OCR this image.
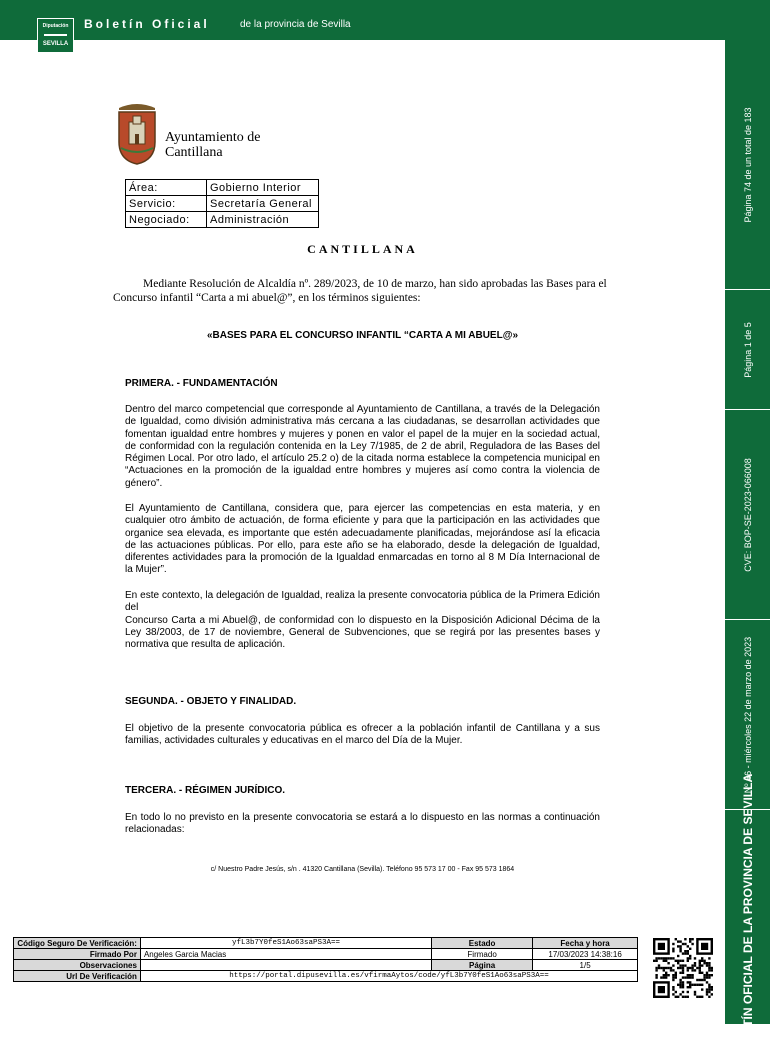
Diputación
SEVILLA
Boletín Oficial	de la provincia de Sevilla
Página 74 de un total de 183
Página 1 de 5
CVE: BOP-SE-2023-066008
Nº 66 - miércoles 22 de marzo de 2023
BOLETÍN OFICIAL DE LA PROVINCIA DE SEVILLA
Ayuntamiento de
Cantillana
Área:	Gobierno Interior
Servicio:	Secretaría General
Negociado:	Administración
CANTILLANA
Mediante Resolución de Alcaldía nº. 289/2023, de 10 de marzo, han sido aprobadas las Bases para el Concurso infantil “Carta a mi abuel@”, en los términos siguientes:
«BASES PARA EL CONCURSO INFANTIL “CARTA A MI ABUEL@»
PRIMERA. - FUNDAMENTACIÓN
Dentro del marco competencial que corresponde al Ayuntamiento de Cantillana, a través de la Delegación de Igualdad, como división administrativa más cercana a las ciudadanas, se desarrollan actividades que fomentan igualdad entre hombres y mujeres y ponen en valor el papel de la mujer en la sociedad actual, de conformidad con la regulación contenida en la Ley 7/1985, de 2 de abril, Reguladora de las Bases del Régimen Local. Por otro lado, el artículo 25.2 o) de la citada norma establece la competencia municipal en “Actuaciones en la promoción de la igualdad entre hombres y mujeres así como contra la violencia de género”.
El Ayuntamiento de Cantillana, considera que, para ejercer las competencias en esta materia, y en cualquier otro ámbito de actuación, de forma eficiente y para que la participación en las actividades que organice sea elevada, es importante que estén adecuadamente planificadas, mejorándose así la eficacia de las actuaciones públicas. Por ello, para este año se ha elaborado, desde la delegación de Igualdad, diferentes actividades para la promoción de la Igualdad enmarcadas en torno al 8 M Día Internacional de la Mujer”.
En este contexto, la delegación de Igualdad, realiza la presente convocatoria pública de la Primera Edición del
Concurso Carta a mi Abuel@, de conformidad con lo dispuesto en la Disposición Adicional Décima de la Ley 38/2003, de 17 de noviembre, General de Subvenciones, que se regirá por las presentes bases y normativa que resulta de aplicación.
SEGUNDA. - OBJETO Y FINALIDAD.
El objetivo de la presente convocatoria pública es ofrecer a la población infantil de Cantillana y a sus familias, actividades culturales y educativas en el marco del Día de la Mujer.
TERCERA. - RÉGIMEN JURÍDICO.
En todo lo no previsto en la presente convocatoria se estará a lo dispuesto en las normas a continuación relacionadas:
c/ Nuestro Padre Jesús, s/n . 41320 Cantillana (Sevilla). Teléfono 95 573 17 00 - Fax 95 573 1864
Código Seguro De Verificación:	yfL3b7Y0feS1Ao63saPS3A==	Estado	Fecha y hora
Firmado Por	Angeles Garcia Macias	Firmado	17/03/2023 14:38:16
Observaciones		Página	1/5
Url De Verificación	https://portal.dipusevilla.es/vfirmaAytos/code/yfL3b7Y0feS1Ao63saPS3A==		
